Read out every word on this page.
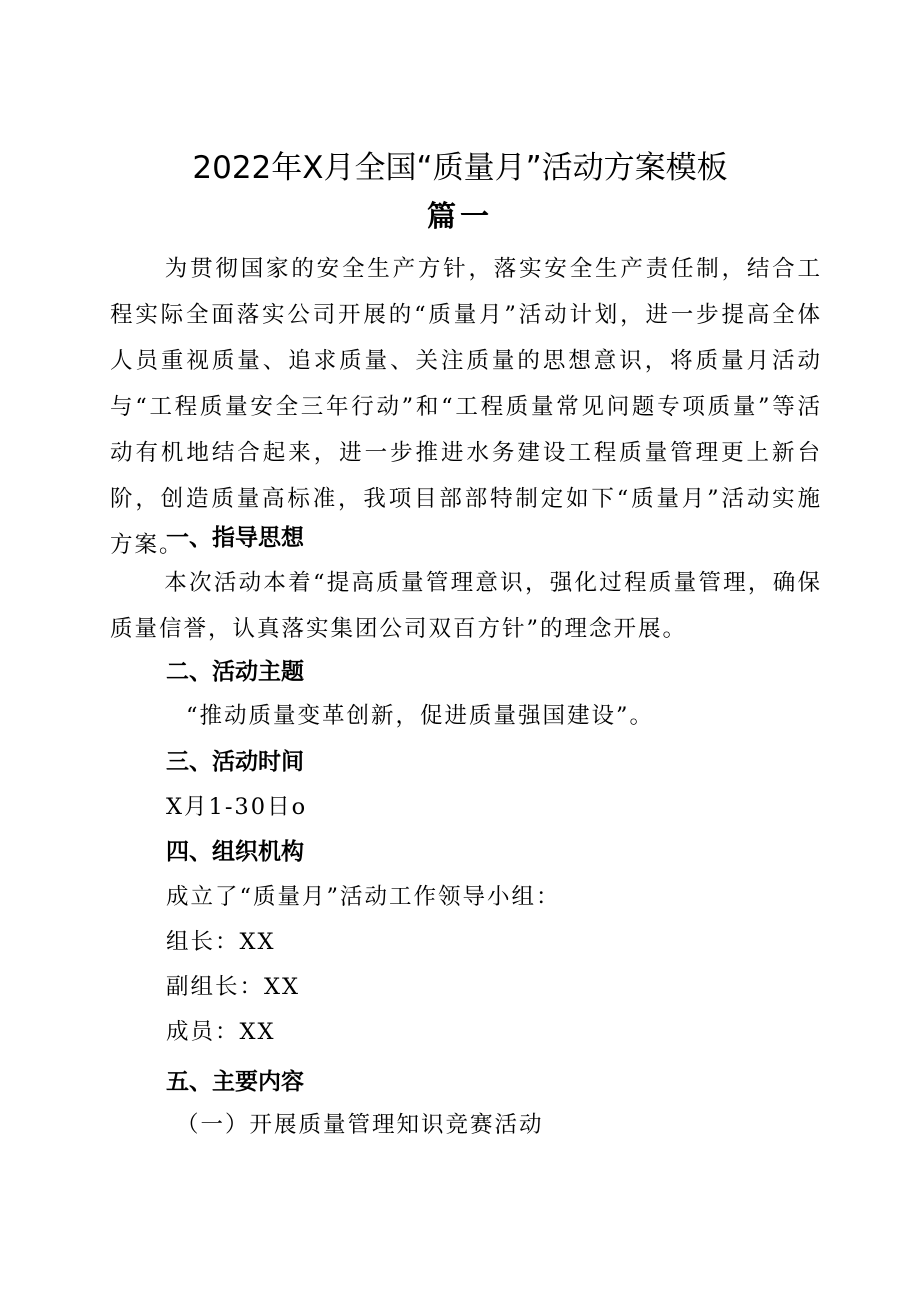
2022年X月全国“质量月”活动方案模板
篇一
为贯彻国家的安全生产方针，落实安全生产责任制，结合工程实际全面落实公司开展的“质量月”活动计划，进一步提高全体人员重视质量、追求质量、关注质量的思想意识，将质量月活动与“工程质量安全三年行动”和“工程质量常见问题专项质量”等活动有机地结合起来，进一步推进水务建设工程质量管理更上新台阶，创造质量高标准，我项目部部特制定如下“质量月”活动实施方案。
一、指导思想
本次活动本着“提高质量管理意识，强化过程质量管理，确保质量信誉，认真落实集团公司双百方针”的理念开展。
二、活动主题
“推动质量变革创新，促进质量强国建设”。
三、活动时间
X月1-30日o
四、组织机构
成立了“质量月”活动工作领导小组：
组长：XX
副组长：XX
成员：XX
五、主要内容
（一）开展质量管理知识竞赛活动
